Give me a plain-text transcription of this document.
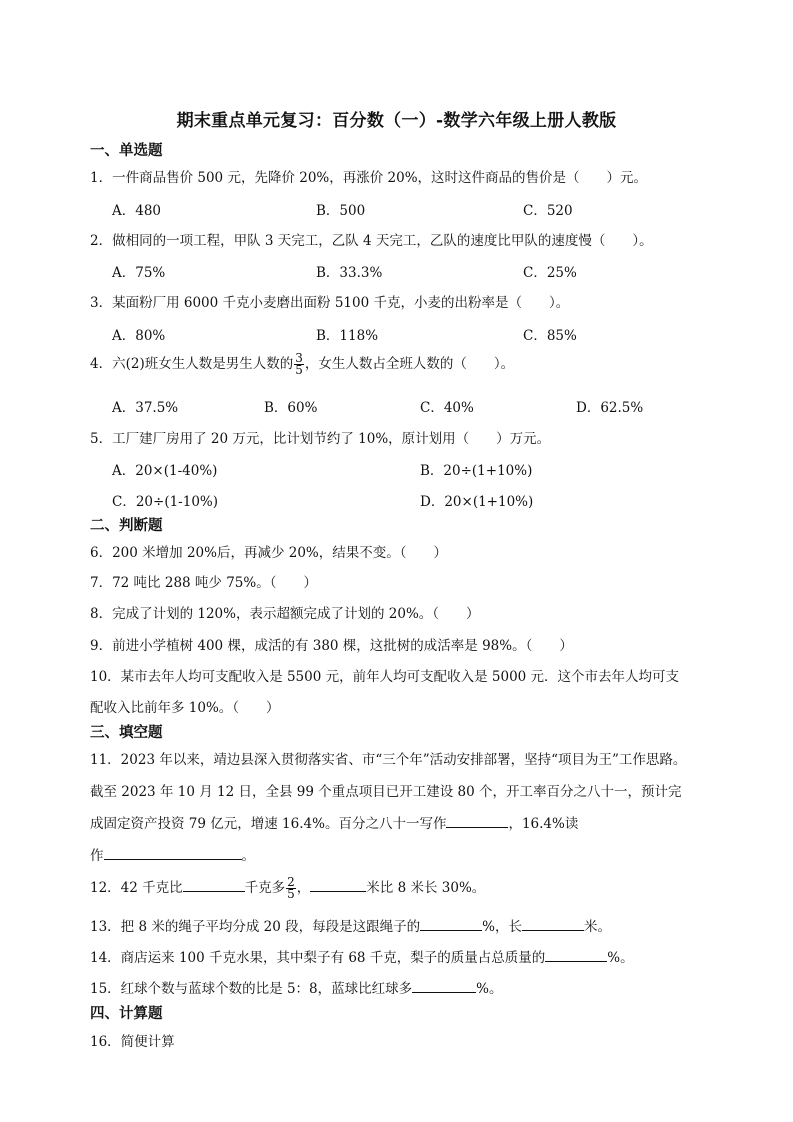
期末重点单元复习：百分数（一）-数学六年级上册人教版
一、单选题
1．一件商品售价 500 元，先降价 20%，再涨价 20%，这时这件商品的售价是（　　）元。
A．480	B．500	C．520
2．做相同的一项工程，甲队 3 天完工，乙队 4 天完工，乙队的速度比甲队的速度慢（　　）。
A．75%	B．33.3%	C．25%
3．某面粉厂用 6000 千克小麦磨出面粉 5100 千克，小麦的出粉率是（　　）。
A．80%	B．118%	C．85%
4．六(2)班女生人数是男生人数的 $\frac{3}{5}$ ，女生人数占全班人数的（　　）。
A．37.5%	B．60%	C．40%	D．62.5%
5．工厂建厂房用了 20 万元，比计划节约了 10%，原计划用（　　）万元。
A．20×(1-40%)	B．20÷(1+10%)
C．20÷(1-10%)	D．20×(1+10%)
二、判断题
6．200 米增加 20%后，再减少 20%，结果不变。（　　）
7．72 吨比 288 吨少 75%。（　　）
8．完成了计划的 120%，表示超额完成了计划的 20%。（　　）
9．前进小学植树 400 棵，成活的有 380 棵，这批树的成活率是 98%。（　　）
10．某市去年人均可支配收入是 5500 元，前年人均可支配收入是 5000 元．这个市去年人均可支
配收入比前年多 10%。（　　）
三、填空题
11．2023 年以来，靖边县深入贯彻落实省、市“三个年”活动安排部署，坚持“项目为王”工作思路。
截至 2023 年 10 月 12 日，全县 99 个重点项目已开工建设 80 个，开工率百分之八十一，预计完
成固定资产投资 79 亿元，增速 16.4%。百分之八十一写作	，16.4%读
作	。
12．42 千克比	千克多 $\frac{2}{5}$ ，	米比 8 米长 30%。
13．把 8 米的绳子平均分成 20 段，每段是这跟绳子的	%，长	米。
14．商店运来 100 千克水果，其中梨子有 68 千克，梨子的质量占总质量的	%。
15．红球个数与蓝球个数的比是 5：8，蓝球比红球多	%。
四、计算题
16．简便计算
